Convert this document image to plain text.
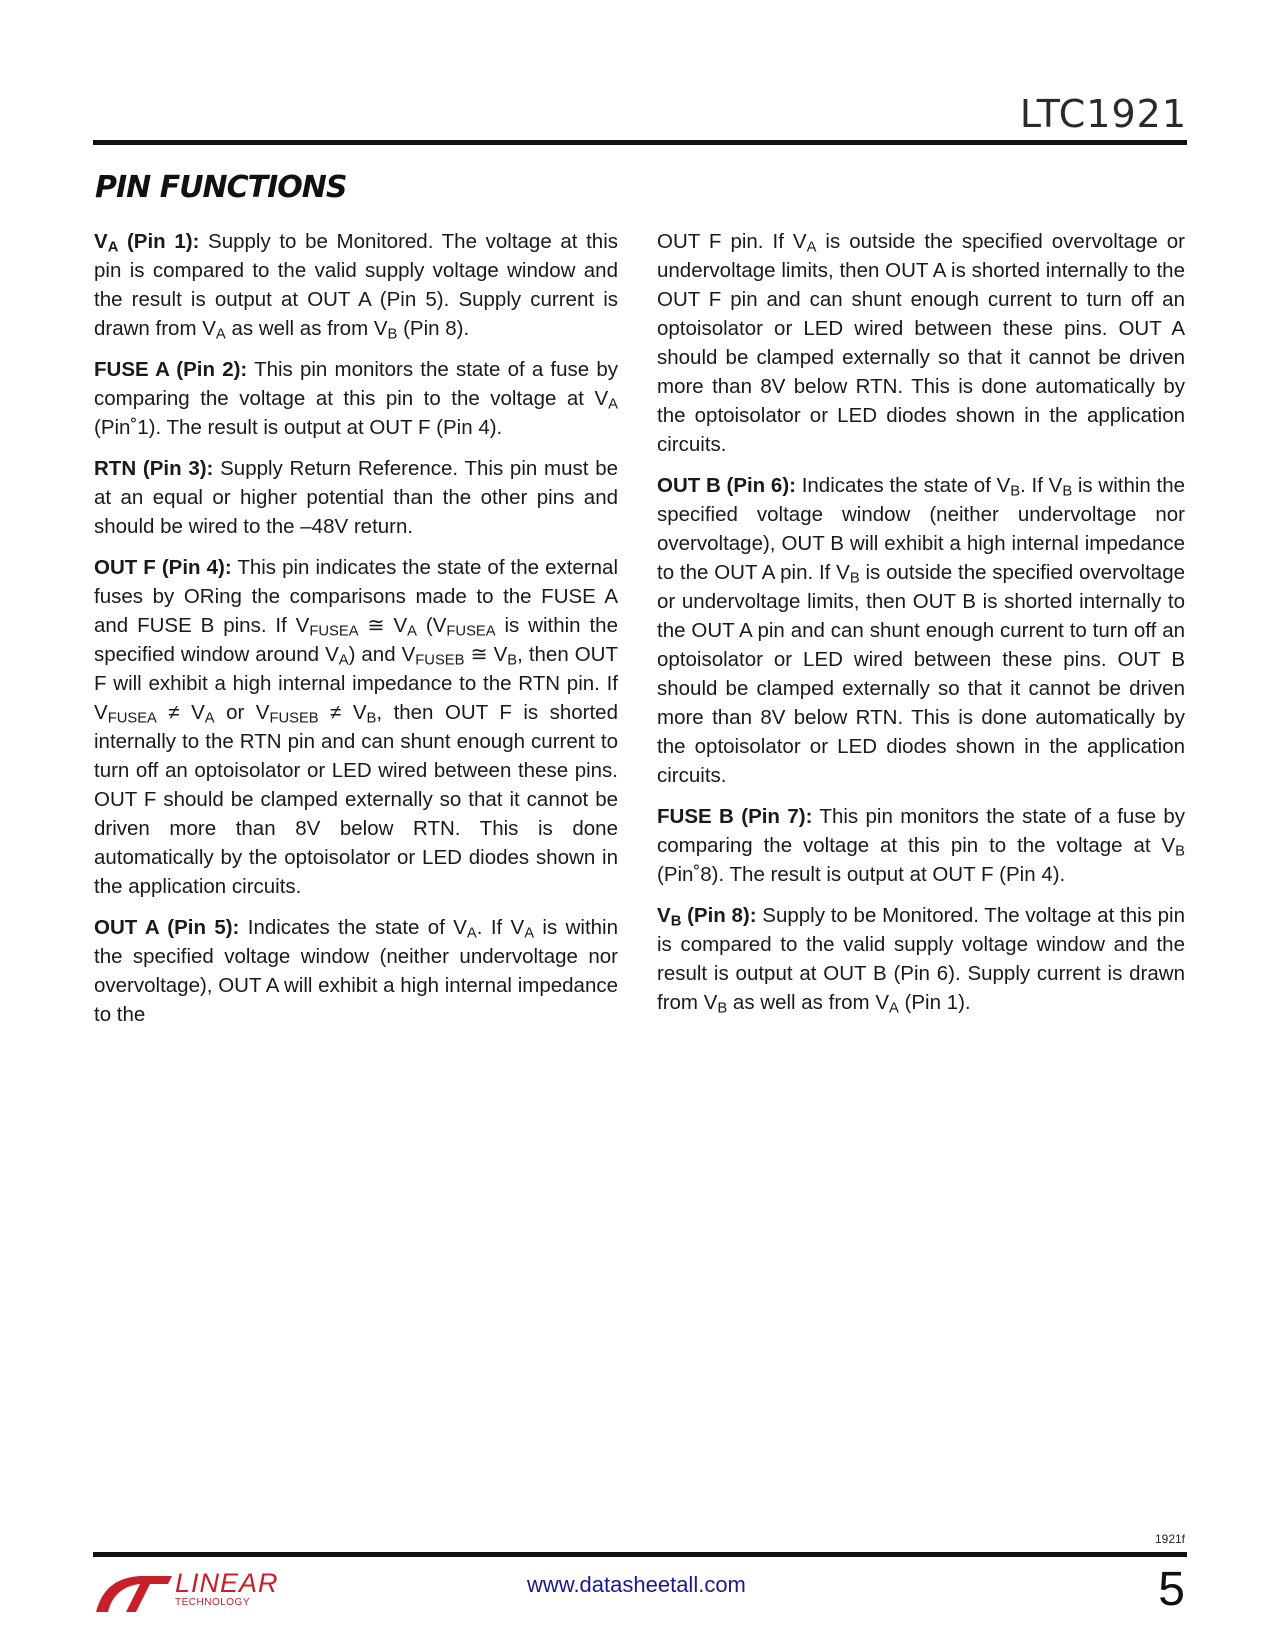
LTC1921
PIN FUNCTIONS

$V_A$ (Pin 1): Supply to be Monitored. The voltage at this pin is compared to the valid supply voltage window and the result is output at OUT A (Pin 5). Supply current is drawn from $V_A$ as well as from $V_B$ (Pin 8).

FUSE A (Pin 2): This pin monitors the state of a fuse by comparing the voltage at this pin to the voltage at $V_A$ (Pin˚1). The result is output at OUT F (Pin 4).

RTN (Pin 3): Supply Return Reference. This pin must be at an equal or higher potential than the other pins and should be wired to the –48V return.

OUT F (Pin 4): This pin indicates the state of the external fuses by ORing the comparisons made to the FUSE A and FUSE B pins. If $V_{FUSEA}$ ≅ $V_A$ ($V_{FUSEA}$ is within the specified window around $V_A$) and $V_{FUSEB}$ ≅ $V_B$, then OUT F will exhibit a high internal impedance to the RTN pin. If $V_{FUSEA} \ne V_A$ or $V_{FUSEB} \ne V_B$, then OUT F is shorted internally to the RTN pin and can shunt enough current to turn off an optoisolator or LED wired between these pins. OUT F should be clamped externally so that it cannot be driven more than 8V below RTN. This is done automatically by the optoisolator or LED diodes shown in the application circuits.

OUT A (Pin 5): Indicates the state of $V_A$. If $V_A$ is within the specified voltage window (neither undervoltage nor overvoltage), OUT A will exhibit a high internal impedance to the

OUT F pin. If $V_A$ is outside the specified overvoltage or undervoltage limits, then OUT A is shorted internally to the OUT F pin and can shunt enough current to turn off an optoisolator or LED wired between these pins. OUT A should be clamped externally so that it cannot be driven more than 8V below RTN. This is done automatically by the optoisolator or LED diodes shown in the application circuits.

OUT B (Pin 6): Indicates the state of $V_B$. If $V_B$ is within the specified voltage window (neither undervoltage nor overvoltage), OUT B will exhibit a high internal impedance to the OUT A pin. If $V_B$ is outside the specified overvoltage or undervoltage limits, then OUT B is shorted internally to the OUT A pin and can shunt enough current to turn off an optoisolator or LED wired between these pins. OUT B should be clamped externally so that it cannot be driven more than 8V below RTN. This is done automatically by the optoisolator or LED diodes shown in the application circuits.

FUSE B (Pin 7): This pin monitors the state of a fuse by comparing the voltage at this pin to the voltage at $V_B$ (Pin˚8). The result is output at OUT F (Pin 4).

$V_B$ (Pin 8): Supply to be Monitored. The voltage at this pin is compared to the valid supply voltage window and the result is output at OUT B (Pin 6). Supply current is drawn from $V_B$ as well as from $V_A$ (Pin 1).

1921f
LINEAR
TECHNOLOGY
www.datasheetall.com	5
